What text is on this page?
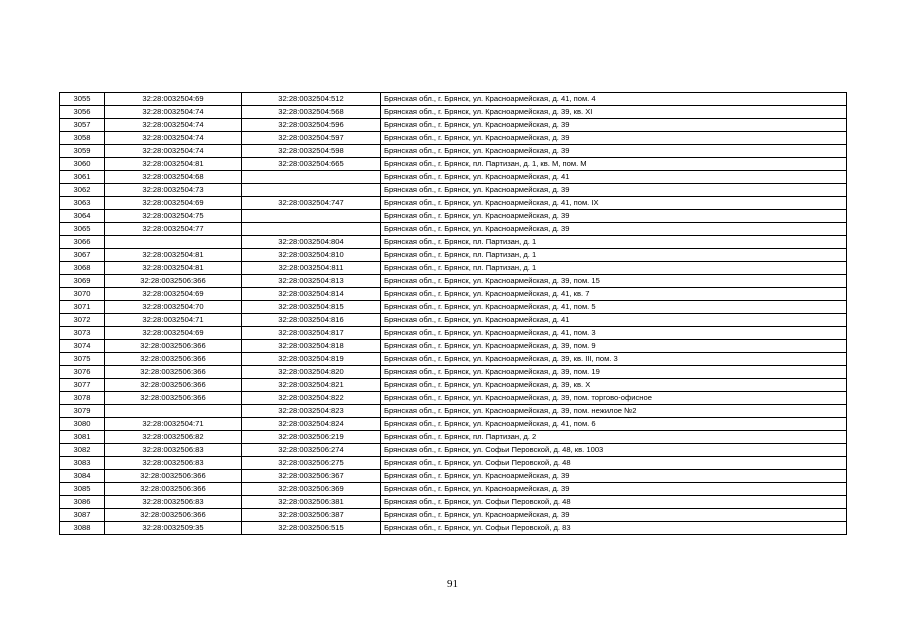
3055	32:28:0032504:69	32:28:0032504:512	Брянская обл., г. Брянск, ул. Красноармейская, д. 41, пом. 4
3056	32:28:0032504:74	32:28:0032504:568	Брянская обл., г. Брянск, ул. Красноармейская, д. 39, кв. XI
3057	32:28:0032504:74	32:28:0032504:596	Брянская обл., г. Брянск, ул. Красноармейская, д. 39
3058	32:28:0032504:74	32:28:0032504:597	Брянская обл., г. Брянск, ул. Красноармейская, д. 39
3059	32:28:0032504:74	32:28:0032504:598	Брянская обл., г. Брянск, ул. Красноармейская, д. 39
3060	32:28:0032504:81	32:28:0032504:665	Брянская обл., г. Брянск, пл. Партизан, д. 1, кв. М, пом. М
3061	32:28:0032504:68		Брянская обл., г. Брянск, ул. Красноармейская, д. 41
3062	32:28:0032504:73		Брянская обл., г. Брянск, ул. Красноармейская, д. 39
3063	32:28:0032504:69	32:28:0032504:747	Брянская обл., г. Брянск, ул. Красноармейская, д. 41, пом. IX
3064	32:28:0032504:75		Брянская обл., г. Брянск, ул. Красноармейская, д. 39
3065	32:28:0032504:77		Брянская обл., г. Брянск, ул. Красноармейская, д. 39
3066		32:28:0032504:804	Брянская обл., г. Брянск, пл. Партизан, д. 1
3067	32:28:0032504:81	32:28:0032504:810	Брянская обл., г. Брянск, пл. Партизан, д. 1
3068	32:28:0032504:81	32:28:0032504:811	Брянская обл., г. Брянск, пл. Партизан, д. 1
3069	32:28:0032506:366	32:28:0032504:813	Брянская обл., г. Брянск, ул. Красноармейская, д. 39, пом. 15
3070	32:28:0032504:69	32:28:0032504:814	Брянская обл., г. Брянск, ул. Красноармейская, д. 41, кв. 7
3071	32:28:0032504:70	32:28:0032504:815	Брянская обл., г. Брянск, ул. Красноармейская, д. 41, пом. 5
3072	32:28:0032504:71	32:28:0032504:816	Брянская обл., г. Брянск, ул. Красноармейская, д. 41
3073	32:28:0032504:69	32:28:0032504:817	Брянская обл., г. Брянск, ул. Красноармейская, д. 41, пом. 3
3074	32:28:0032506:366	32:28:0032504:818	Брянская обл., г. Брянск, ул. Красноармейская, д. 39, пом. 9
3075	32:28:0032506:366	32:28:0032504:819	Брянская обл., г. Брянск, ул. Красноармейская, д. 39, кв. III, пом. 3
3076	32:28:0032506:366	32:28:0032504:820	Брянская обл., г. Брянск, ул. Красноармейская, д. 39, пом. 19
3077	32:28:0032506:366	32:28:0032504:821	Брянская обл., г. Брянск, ул. Красноармейская, д. 39, кв. X
3078	32:28:0032506:366	32:28:0032504:822	Брянская обл., г. Брянск, ул. Красноармейская, д. 39, пом. торгово-офисное
3079		32:28:0032504:823	Брянская обл., г. Брянск, ул. Красноармейская, д. 39, пом. нежилое №2
3080	32:28:0032504:71	32:28:0032504:824	Брянская обл., г. Брянск, ул. Красноармейская, д. 41, пом. 6
3081	32:28:0032506:82	32:28:0032506:219	Брянская обл., г. Брянск, пл. Партизан, д. 2
3082	32:28:0032506:83	32:28:0032506:274	Брянская обл., г. Брянск, ул. Софьи Перовской, д. 48, кв. 1003
3083	32:28:0032506:83	32:28:0032506:275	Брянская обл., г. Брянск, ул. Софьи Перовской, д. 48
3084	32:28:0032506:366	32:28:0032506:367	Брянская обл., г. Брянск, ул. Красноармейская, д. 39
3085	32:28:0032506:366	32:28:0032506:369	Брянская обл., г. Брянск, ул. Красноармейская, д. 39
3086	32:28:0032506:83	32:28:0032506:381	Брянская обл., г. Брянск, ул. Софьи Перовской, д. 48
3087	32:28:0032506:366	32:28:0032506:387	Брянская обл., г. Брянск, ул. Красноармейская, д. 39
3088	32:28:0032509:35	32:28:0032506:515	Брянская обл., г. Брянск, ул. Софьи Перовской, д. 83
91
